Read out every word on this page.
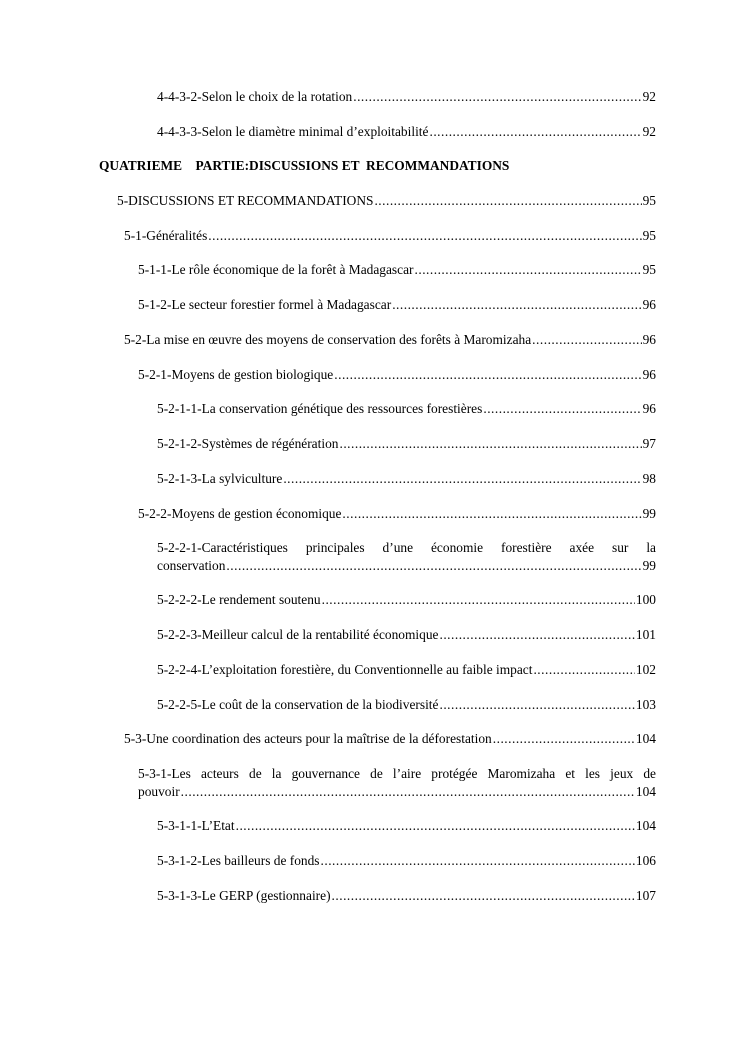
4-4-3-2-Selon le choix de la rotation .....	92
4-4-3-3-Selon le diamètre minimal d’exploitabilité .....	92
QUATRIEME    PARTIE:DISCUSSIONS ET  RECOMMANDATIONS
5-DISCUSSIONS ET RECOMMANDATIONS .....	95
5-1-Généralités .....	95
5-1-1-Le rôle économique de la forêt à Madagascar .....	95
5-1-2-Le secteur forestier formel à Madagascar .....	96
5-2-La mise en œuvre des moyens de conservation des forêts à Maromizaha .....	96
5-2-1-Moyens de gestion biologique .....	96
5-2-1-1-La conservation génétique des ressources forestières .....	96
5-2-1-2-Systèmes de régénération .....	97
5-2-1-3-La sylviculture .....	98
5-2-2-Moyens de gestion économique .....	99
5-2-2-1-Caractéristiques principales d’une économie forestière axée sur la
conservation .....	99
5-2-2-2-Le rendement soutenu .....	100
5-2-2-3-Meilleur calcul de la rentabilité économique .....	101
5-2-2-4-L’exploitation forestière, du Conventionnelle au faible impact .....	102
5-2-2-5-Le coût de la conservation de la biodiversité .....	103
5-3-Une coordination des acteurs pour la maîtrise de la déforestation .....	104
5-3-1-Les acteurs de la gouvernance de l’aire protégée Maromizaha et les jeux de
pouvoir .....	104
5-3-1-1-L’Etat .....	104
5-3-1-2-Les bailleurs de fonds .....	106
5-3-1-3-Le GERP (gestionnaire) .....	107
